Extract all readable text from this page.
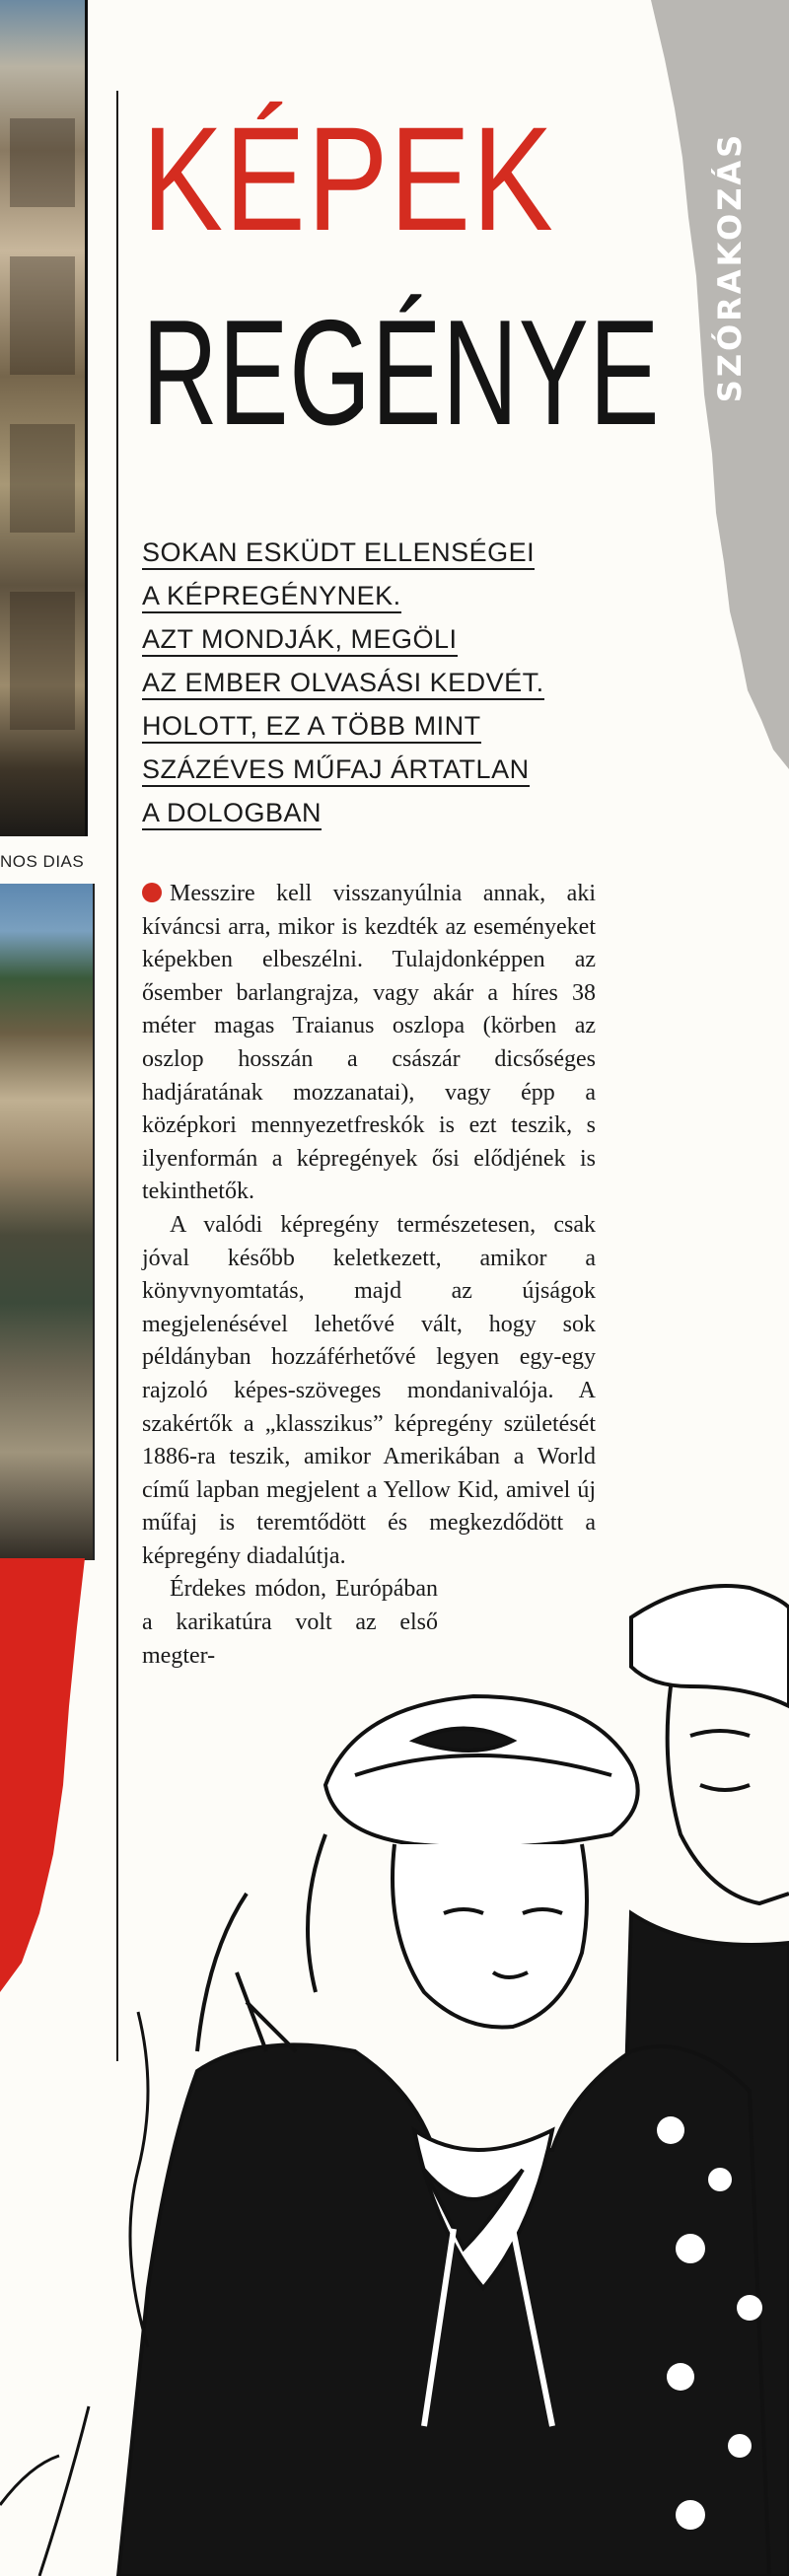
NOS DIAS
SZÓRAKOZÁS
KÉPEK
REGÉNYE
SOKAN ESKÜDT ELLENSÉGEI
A KÉPREGÉNYNEK.
AZT MONDJÁK, MEGÖLI
AZ EMBER OLVASÁSI KEDVÉT.
HOLOTT, EZ A TÖBB MINT
SZÁZÉVES MŰFAJ ÁRTATLAN
A DOLOGBAN

Messzire kell visszanyúlnia annak, aki kíváncsi arra, mikor is kezdték az eseményeket képekben elbeszélni. Tulajdonképpen az ősember barlangrajza, vagy akár a híres 38 méter magas Traianus oszlopa (körben az oszlop hosszán a császár dicsőséges hadjáratának mozzanatai), vagy épp a középkori mennyezetfreskók is ezt teszik, s ilyenformán a képregények ősi elődjének is tekinthetők.

A valódi képregény természetesen, csak jóval később keletkezett, amikor a könyvnyomtatás, majd az újságok megjelenésével lehetővé vált, hogy sok példányban hozzáférhetővé legyen egy-egy rajzoló képes-szöveges mondanivalója. A szakértők a „klasszikus” képregény születését 1886-ra teszik, amikor Amerikában a World című lapban megjelent a Yellow Kid, amivel új műfaj is teremtődött és megkezdődött a képregény diadalútja.

Érdekes módon, Európában a karikatúra volt az első megter-
